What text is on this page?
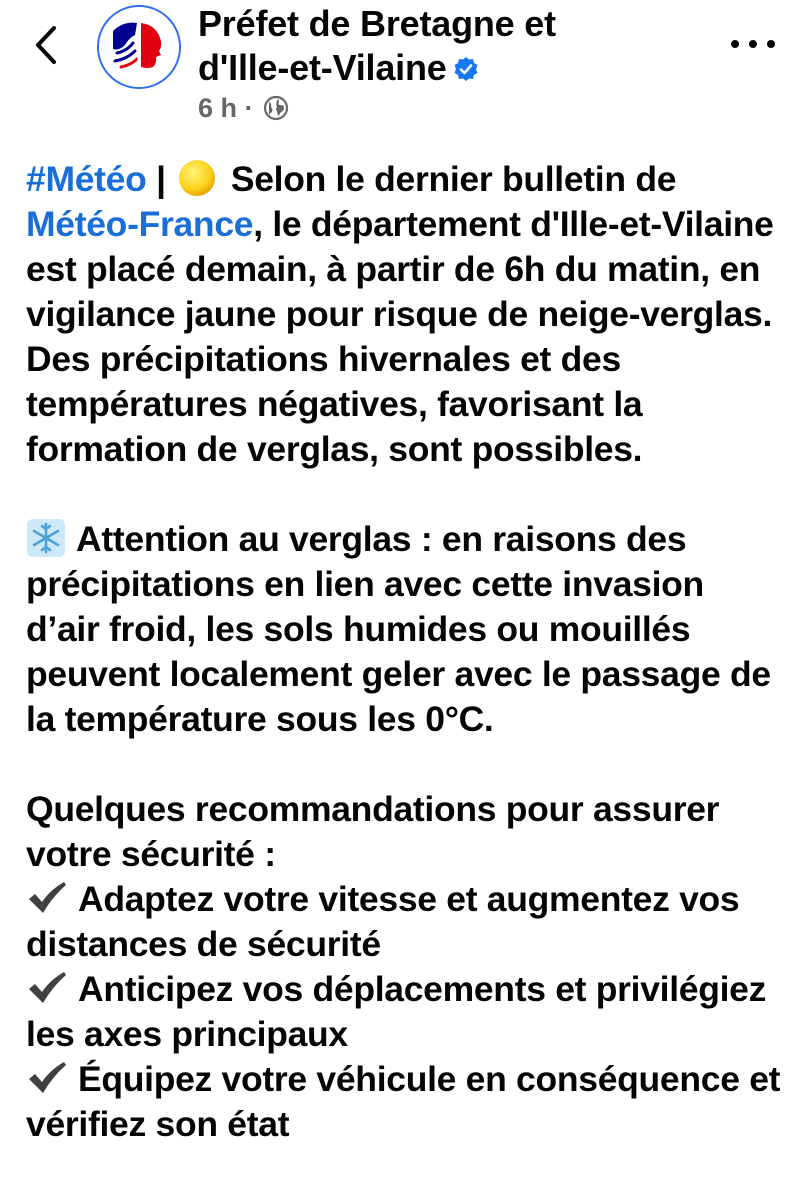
Préfet de Bretagne et
d'Ille-et-Vilaine
6 h ·

#Météo |  Selon le dernier bulletin de Météo-France, le département d'Ille-et-Vilaine est placé demain, à partir de 6h du matin, en vigilance jaune pour risque de neige-verglas. Des précipitations hivernales et des températures négatives, favorisant la formation de verglas, sont possibles.

Attention au verglas : en raisons des précipitations en lien avec cette invasion d’air froid, les sols humides ou mouillés peuvent localement geler avec le passage de la température sous les 0°C.

Quelques recommandations pour assurer votre sécurité :

Adaptez votre vitesse et augmentez vos distances de sécurité

Anticipez vos déplacements et privilégiez les axes principaux

Équipez votre véhicule en conséquence et vérifiez son état
